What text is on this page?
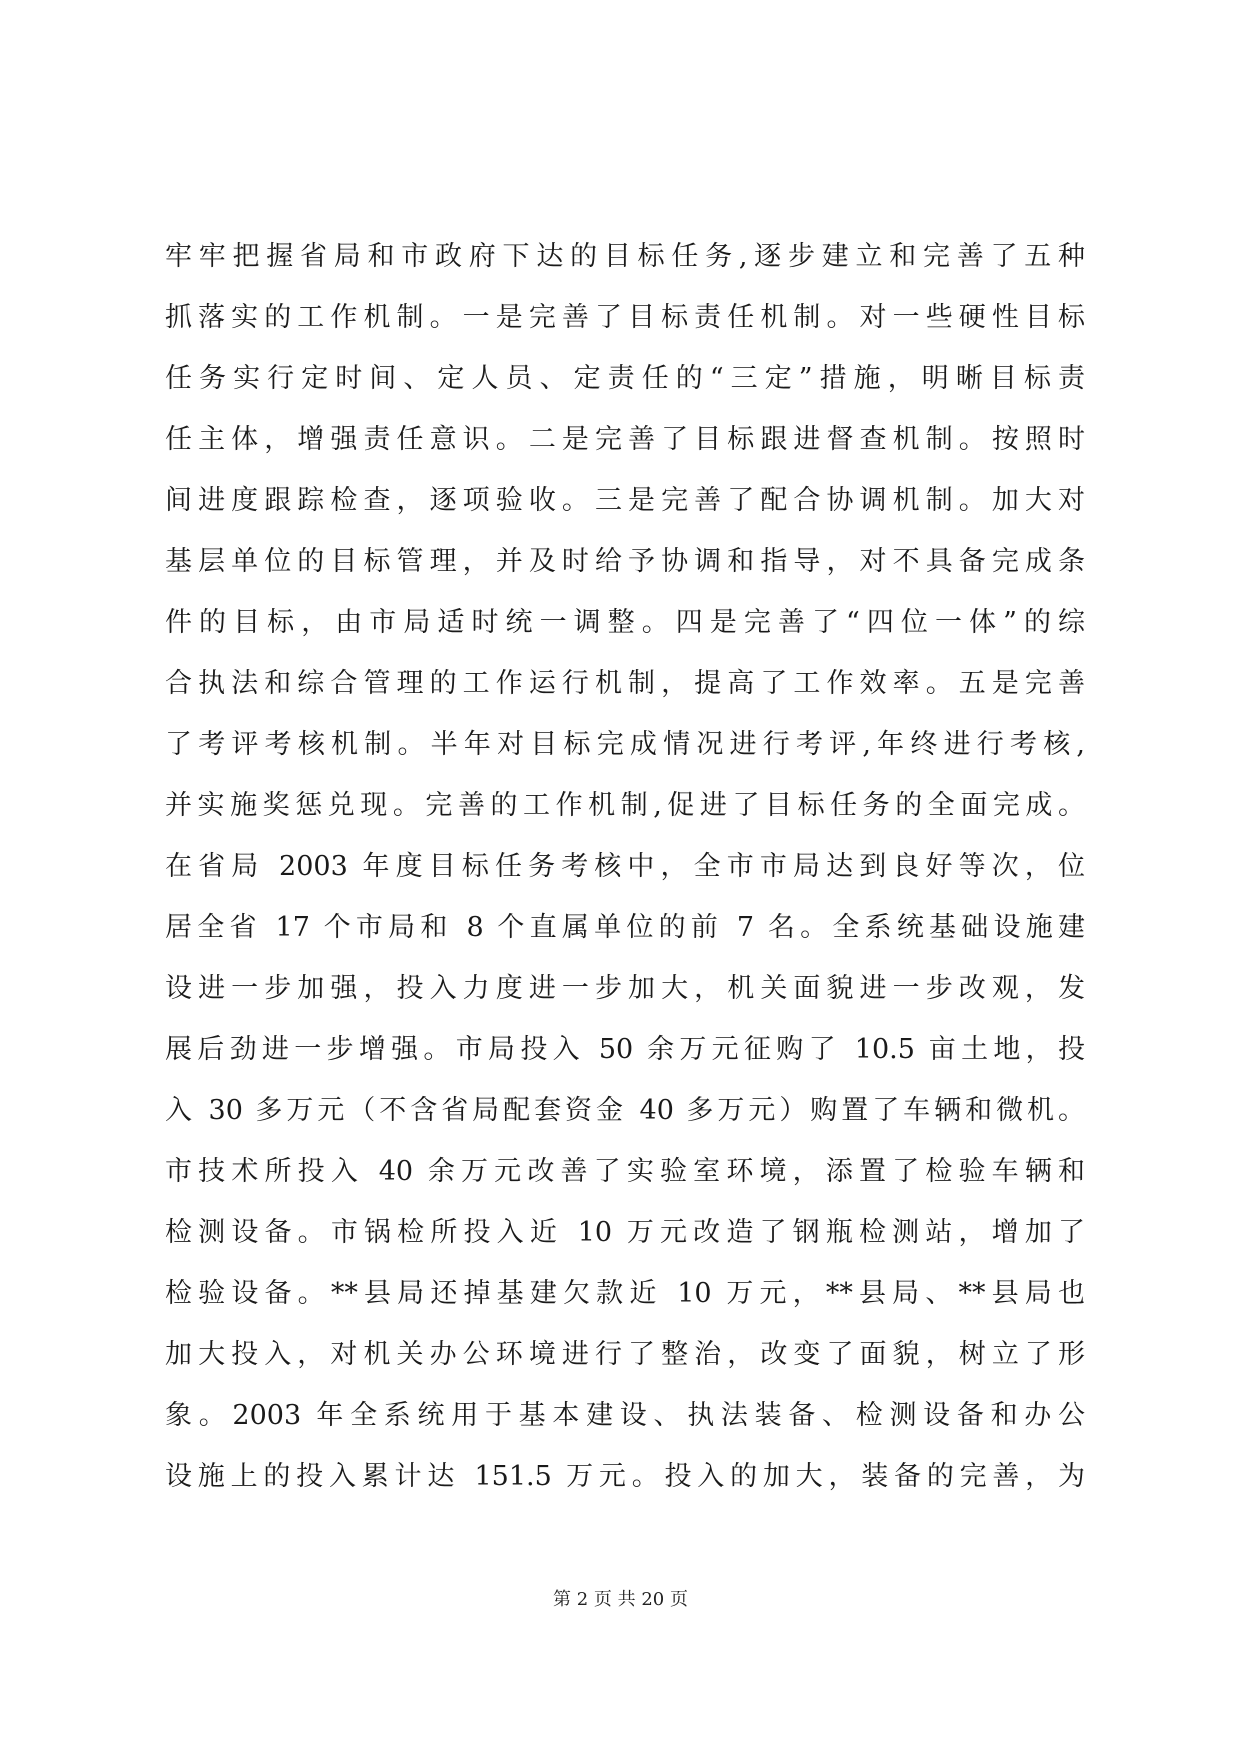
牢牢把握省局和市政府下达的目标任务,逐步建立和完善了五种
抓落实的工作机制。一是完善了目标责任机制。对一些硬性目标
任务实行定时间、定人员、定责任的“三定”措施，明晰目标责
任主体，增强责任意识。二是完善了目标跟进督查机制。按照时
间进度跟踪检查，逐项验收。三是完善了配合协调机制。加大对
基层单位的目标管理，并及时给予协调和指导，对不具备完成条
件的目标，由市局适时统一调整。四是完善了“四位一体”的综
合执法和综合管理的工作运行机制，提高了工作效率。五是完善
了考评考核机制。半年对目标完成情况进行考评,年终进行考核,
并实施奖惩兑现。完善的工作机制,促进了目标任务的全面完成。
在省局 2003 年度目标任务考核中，全市市局达到良好等次，位
居全省 17 个市局和 8 个直属单位的前 7 名。全系统基础设施建
设进一步加强，投入力度进一步加大，机关面貌进一步改观，发
展后劲进一步增强。市局投入 50 余万元征购了 10.5 亩土地，投
入 30 多万元（不含省局配套资金 40 多万元）购置了车辆和微机。
市技术所投入 40 余万元改善了实验室环境，添置了检验车辆和
检测设备。市锅检所投入近 10 万元改造了钢瓶检测站，增加了
检验设备。**县局还掉基建欠款近 10 万元，**县局、**县局也
加大投入，对机关办公环境进行了整治，改变了面貌，树立了形
象。2003 年全系统用于基本建设、执法装备、检测设备和办公
设施上的投入累计达 151.5 万元。投入的加大，装备的完善，为
第 2 页 共 20 页
